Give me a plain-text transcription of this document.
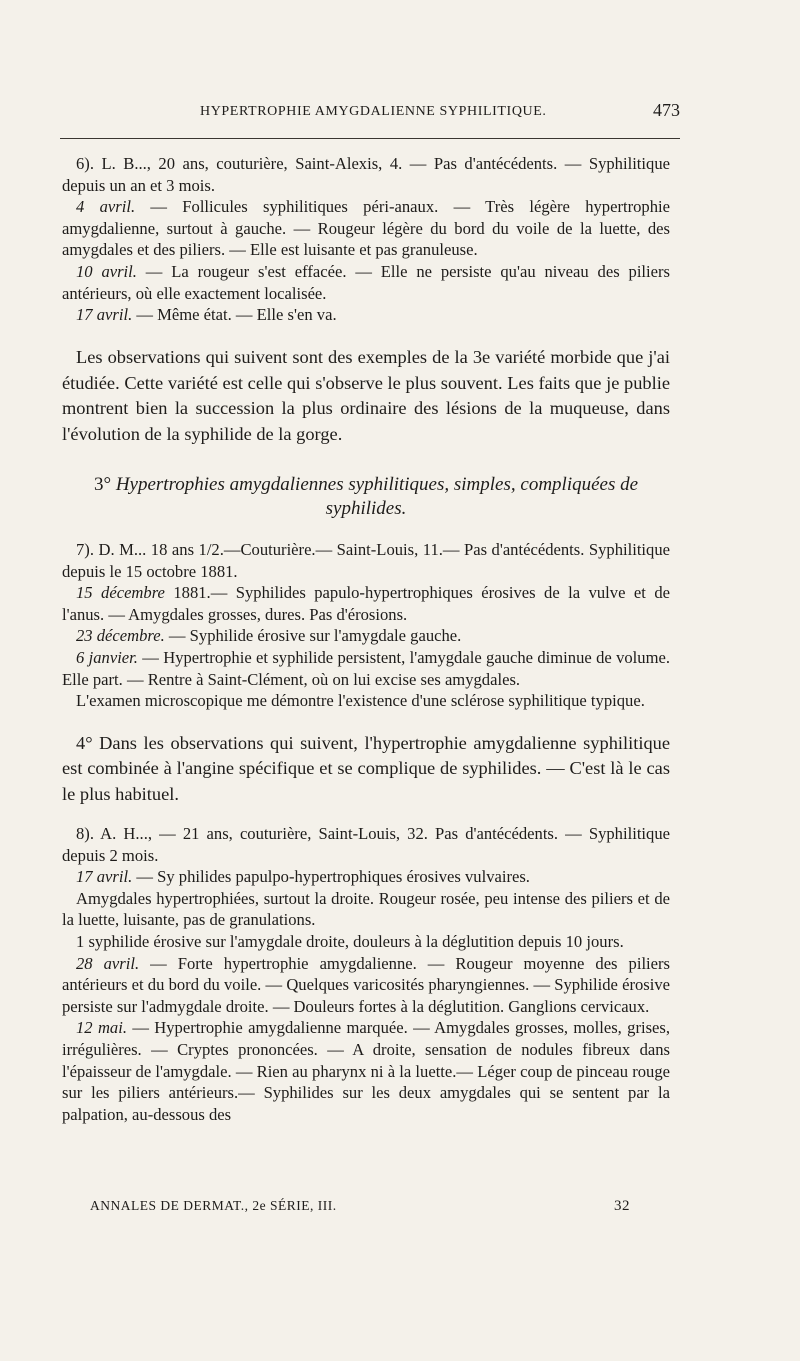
HYPERTROPHIE AMYGDALIENNE SYPHILITIQUE.	473

6). L. B..., 20 ans, couturière, Saint-Alexis, 4. — Pas d'antécédents. — Syphilitique depuis un an et 3 mois.

4 avril. — Follicules syphilitiques péri-anaux. — Très légère hypertrophie amygdalienne, surtout à gauche. — Rougeur légère du bord du voile de la luette, des amygdales et des piliers. — Elle est luisante et pas granuleuse.

10 avril. — La rougeur s'est effacée. — Elle ne persiste qu'au niveau des piliers antérieurs, où elle exactement localisée.

17 avril. — Même état. — Elle s'en va.

Les observations qui suivent sont des exemples de la 3e variété morbide que j'ai étudiée. Cette variété est celle qui s'observe le plus souvent. Les faits que je publie montrent bien la succession la plus ordinaire des lésions de la muqueuse, dans l'évolution de la syphilide de la gorge.

3° Hypertrophies amygdaliennes syphilitiques, simples, compliquées de syphilides.

7). D. M... 18 ans 1/2.—Couturière.— Saint-Louis, 11.— Pas d'antécédents. Syphilitique depuis le 15 octobre 1881.

15 décembre 1881.— Syphilides papulo-hypertrophiques érosives de la vulve et de l'anus. — Amygdales grosses, dures. Pas d'érosions.

23 décembre. — Syphilide érosive sur l'amygdale gauche.

6 janvier. — Hypertrophie et syphilide persistent, l'amygdale gauche diminue de volume. Elle part. — Rentre à Saint-Clément, où on lui excise ses amygdales.

L'examen microscopique me démontre l'existence d'une sclérose syphilitique typique.

4° Dans les observations qui suivent, l'hypertrophie amygdalienne syphilitique est combinée à l'angine spécifique et se complique de syphilides. — C'est là le cas le plus habituel.

8). A. H..., — 21 ans, couturière, Saint-Louis, 32. Pas d'antécédents. — Syphilitique depuis 2 mois.

17 avril. — Sy philides papulpo-hypertrophiques érosives vulvaires.

Amygdales hypertrophiées, surtout la droite. Rougeur rosée, peu intense des piliers et de la luette, luisante, pas de granulations.

1 syphilide érosive sur l'amygdale droite, douleurs à la déglutition depuis 10 jours.

28 avril. — Forte hypertrophie amygdalienne. — Rougeur moyenne des piliers antérieurs et du bord du voile. — Quelques varicosités pharyngiennes. — Syphilide érosive persiste sur l'admygdale droite. — Douleurs fortes à la déglutition. Ganglions cervicaux.

12 mai. — Hypertrophie amygdalienne marquée. — Amygdales grosses, molles, grises, irrégulières. — Cryptes prononcées. — A droite, sensation de nodules fibreux dans l'épaisseur de l'amygdale. — Rien au pharynx ni à la luette.— Léger coup de pinceau rouge sur les piliers antérieurs.— Syphilides sur les deux amygdales qui se sentent par la palpation, au-dessous des

ANNALES DE DERMAT., 2e SÉRIE, III.	32
